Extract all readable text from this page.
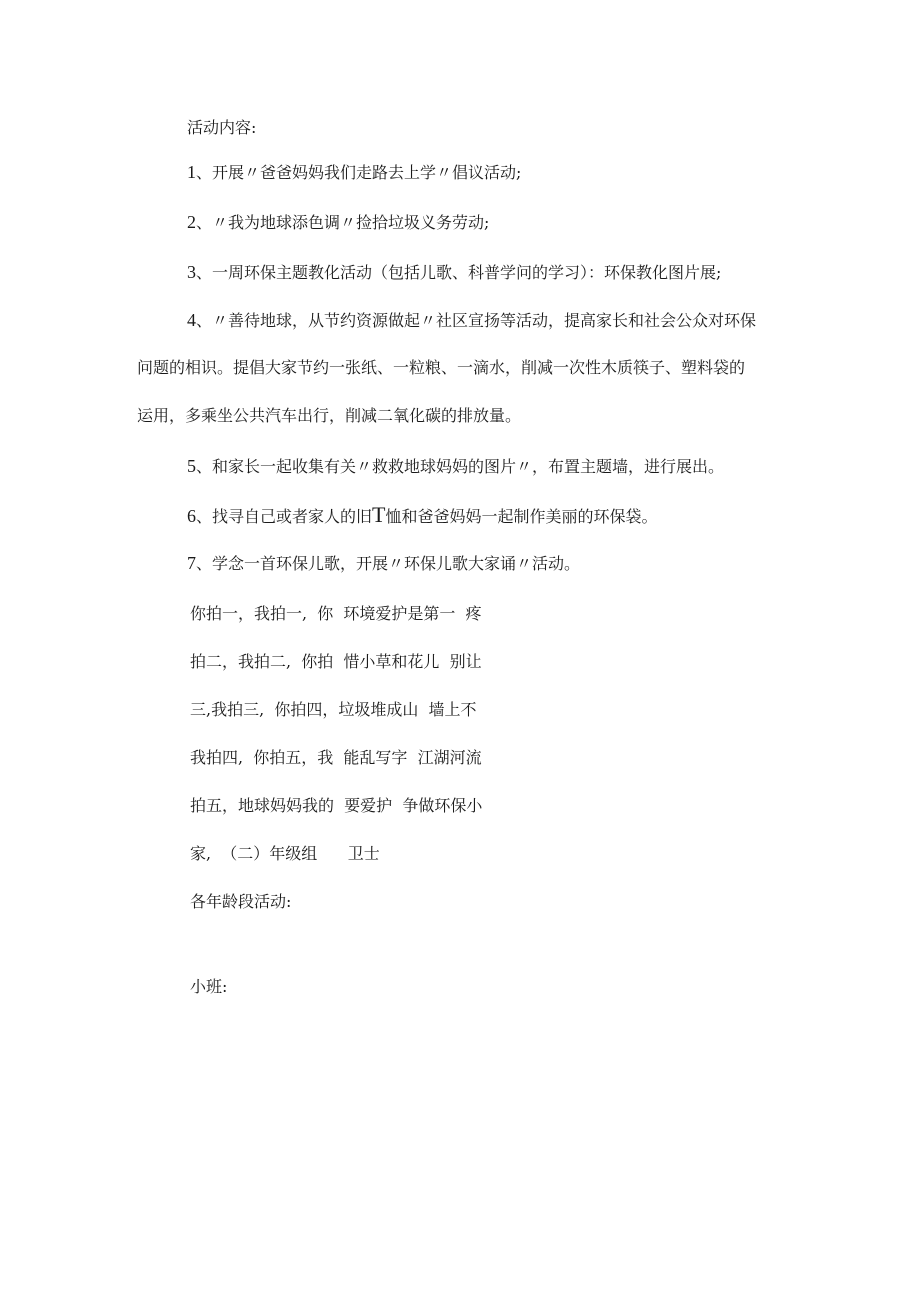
活动内容:

1、开展〃爸爸妈妈我们走路去上学〃倡议活动;

2、〃我为地球添色调〃捡拾垃圾义务劳动;

3、一周环保主题教化活动（包括儿歌、科普学问的学习）：环保教化图片展;

4、〃善待地球，从节约资源做起〃社区宣扬等活动，提高家长和社会公众对环保

问题的相识。提倡大家节约一张纸、一粒粮、一滴水，削减一次性木质筷子、塑料袋的

运用，多乘坐公共汽车出行，削减二氧化碳的排放量。

5、和家长一起收集有关〃救救地球妈妈的图片〃，布置主题墙，进行展出。

6、找寻自己或者家人的旧T恤和爸爸妈妈一起制作美丽的环保袋。

7、学念一首环保儿歌，开展〃环保儿歌大家诵〃活动。

你拍一，我拍一,  你  环境爱护是第一  疼

拍二，我拍二,  你拍  惜小草和花儿  别让

三,我拍三,  你拍四，垃圾堆成山  墙上不

我拍四,  你拍五，我  能乱写字  江湖河流

拍五，地球妈妈我的  要爱护  争做环保小

家,  （二）年级组      卫士

各年龄段活动:

小班:
